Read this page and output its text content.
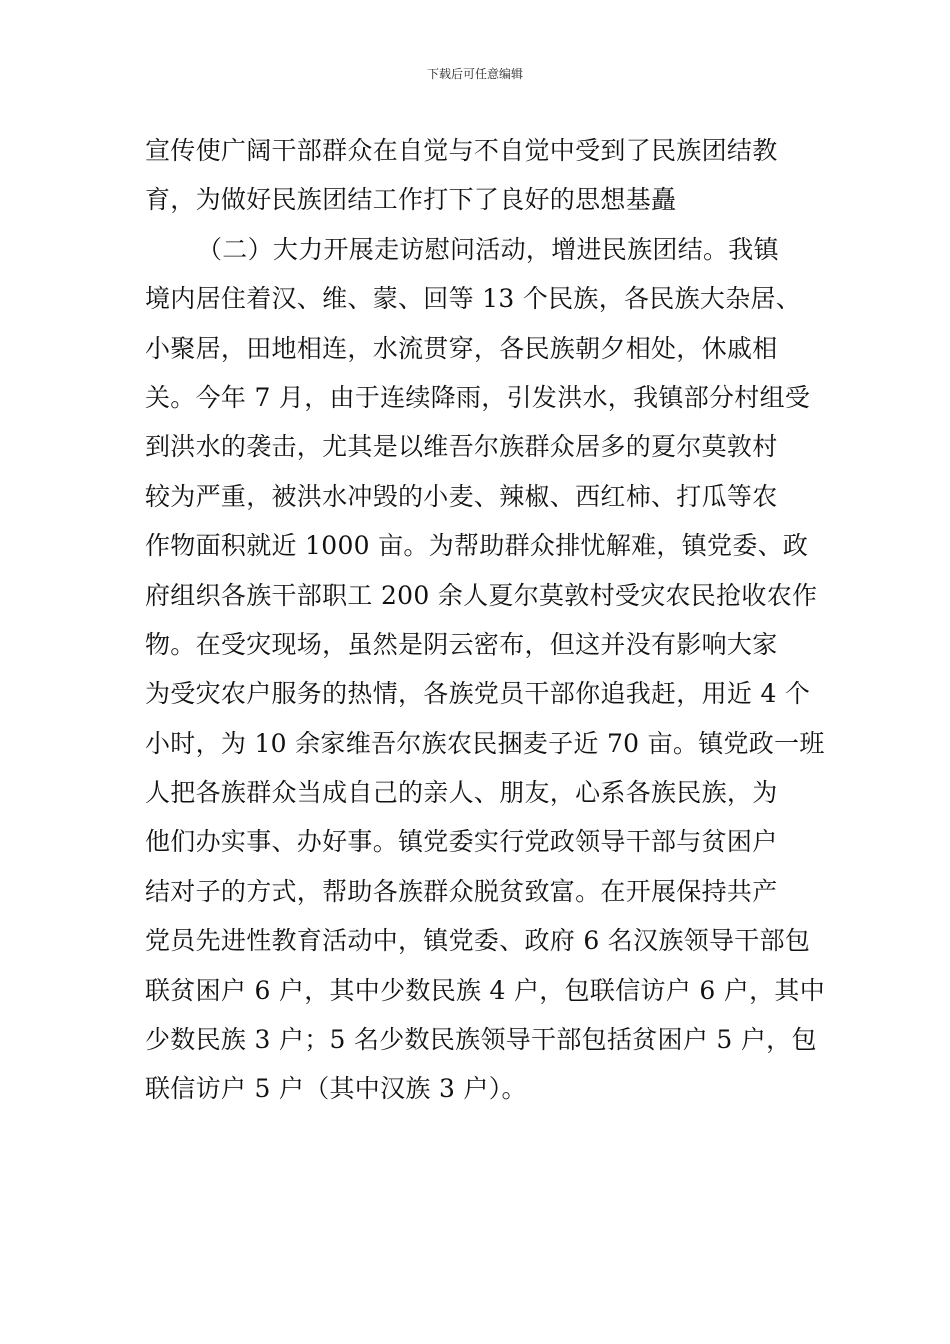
下载后可任意编辑
宣传使广阔干部群众在自觉与不自觉中受到了民族团结教
育，为做好民族团结工作打下了良好的思想基矗
（二）大力开展走访慰问活动，增进民族团结。我镇
境内居住着汉、维、蒙、回等 13 个民族，各民族大杂居、
小聚居，田地相连，水流贯穿，各民族朝夕相处，休戚相
关。今年 7 月，由于连续降雨，引发洪水，我镇部分村组受
到洪水的袭击，尤其是以维吾尔族群众居多的夏尔莫敦村
较为严重，被洪水冲毁的小麦、辣椒、西红柿、打瓜等农
作物面积就近 1000 亩。为帮助群众排忧解难，镇党委、政
府组织各族干部职工 200 余人夏尔莫敦村受灾农民抢收农作
物。在受灾现场，虽然是阴云密布，但这并没有影响大家
为受灾农户服务的热情，各族党员干部你追我赶，用近 4 个
小时，为 10 余家维吾尔族农民捆麦子近 70 亩。镇党政一班
人把各族群众当成自己的亲人、朋友，心系各族民族，为
他们办实事、办好事。镇党委实行党政领导干部与贫困户
结对子的方式，帮助各族群众脱贫致富。在开展保持共产
党员先进性教育活动中，镇党委、政府 6 名汉族领导干部包
联贫困户 6 户，其中少数民族 4 户，包联信访户 6 户，其中
少数民族 3 户；5 名少数民族领导干部包括贫困户 5 户，包
联信访户 5 户（其中汉族 3 户）。
